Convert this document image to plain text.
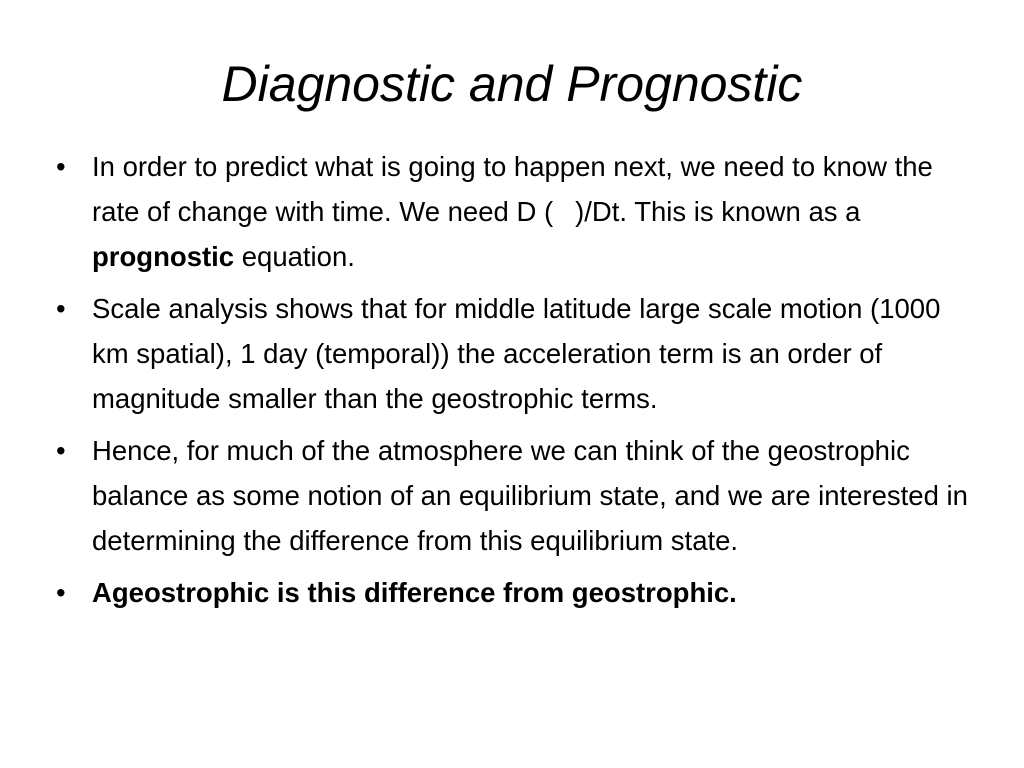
Diagnostic and Prognostic
• In order to predict what is going to happen next, we need to know the rate of change with time. We need D ( )/Dt. This is known as a prognostic equation.
• Scale analysis shows that for middle latitude large scale motion (1000 km spatial), 1 day (temporal)) the acceleration term is an order of magnitude smaller than the geostrophic terms.
• Hence, for much of the atmosphere we can think of the geostrophic balance as some notion of an equilibrium state, and we are interested in determining the difference from this equilibrium state.
• Ageostrophic is this difference from geostrophic.
